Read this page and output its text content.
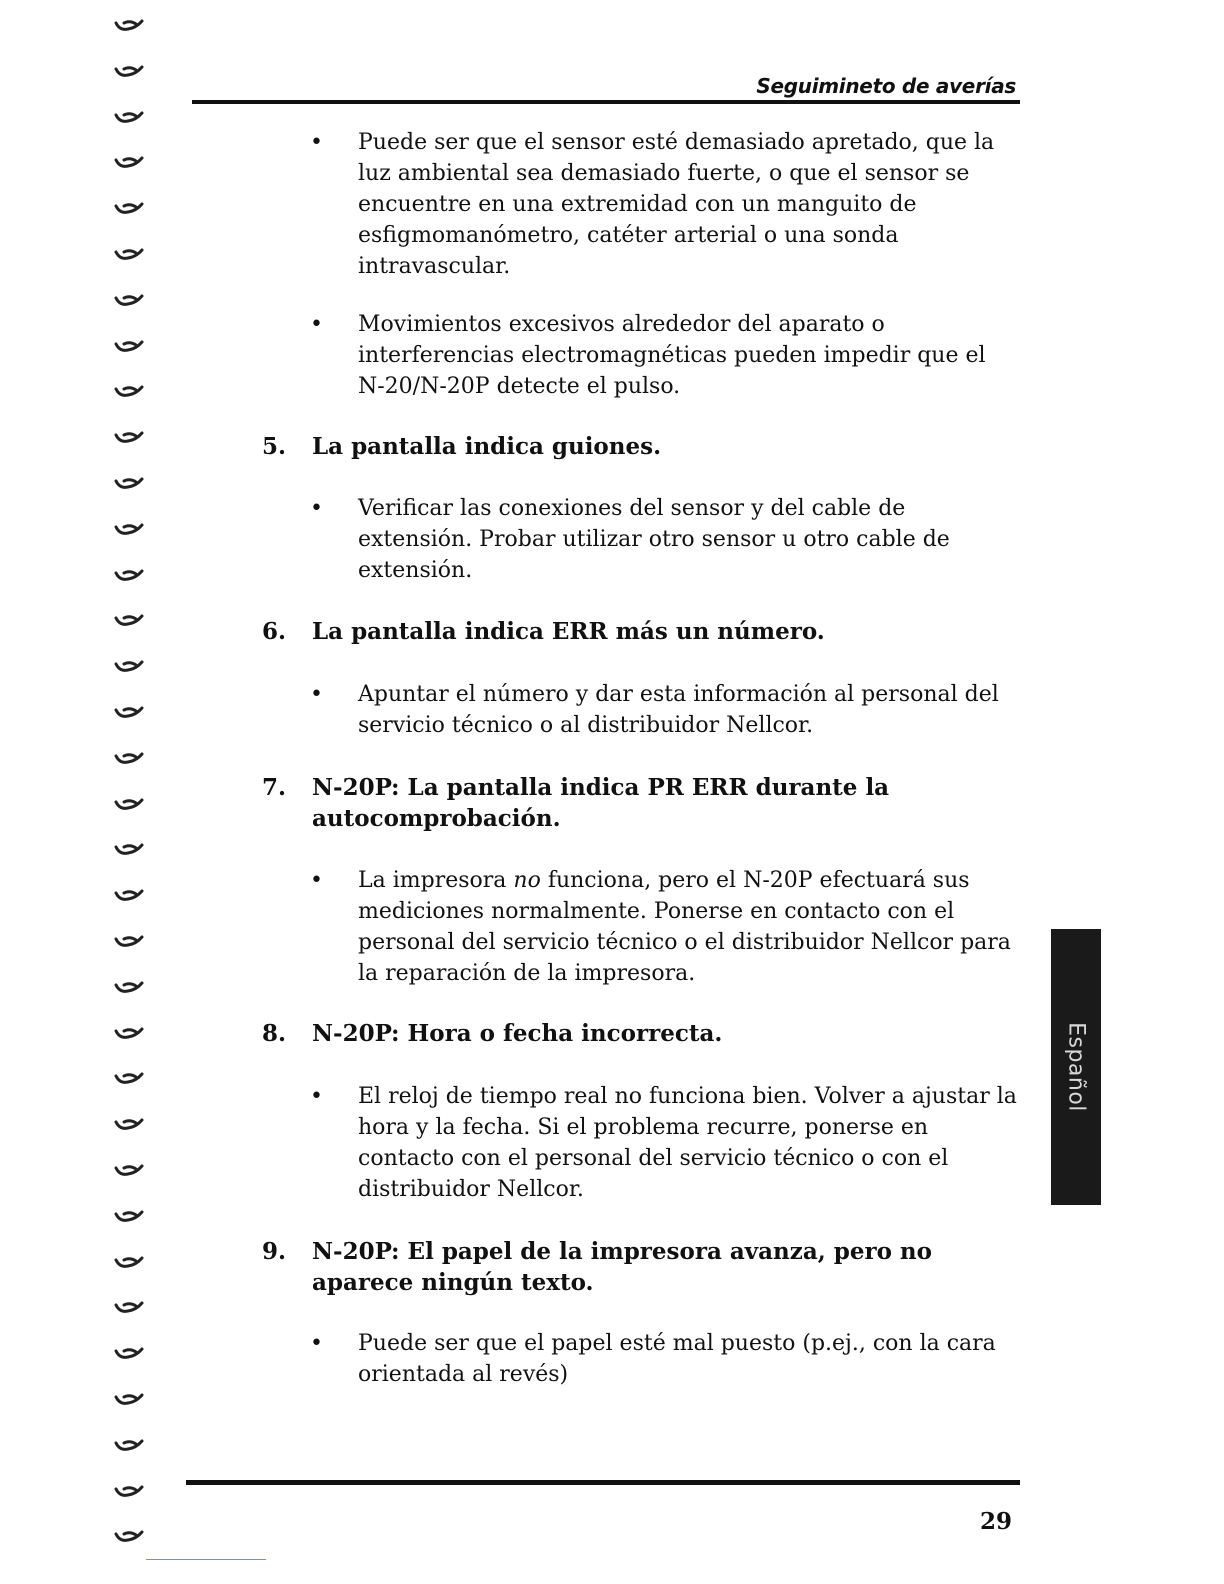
Seguimineto de averías
•	Puede ser que el sensor esté demasiado apretado, que la luz ambiental sea demasiado fuerte, o que el sensor se encuentre en una extremidad con un manguito de esfigmomanómetro, catéter arterial o una sonda intravascular.
•	Movimientos excesivos alrededor del aparato o interferencias electromagnéticas pueden impedir que el N-20/N-20P detecte el pulso.
5. La pantalla indica guiones.
•	Verificar las conexiones del sensor y del cable de extensión. Probar utilizar otro sensor u otro cable de extensión.
6. La pantalla indica ERR más un número.
•	Apuntar el número y dar esta información al personal del servicio técnico o al distribuidor Nellcor.
7. N-20P: La pantalla indica PR ERR durante la autocomprobación.
•	La impresora no funciona, pero el N-20P efectuará sus mediciones normalmente. Ponerse en contacto con el personal del servicio técnico o el distribuidor Nellcor para la reparación de la impresora.
8. N-20P: Hora o fecha incorrecta.
•	El reloj de tiempo real no funciona bien. Volver a ajustar la hora y la fecha. Si el problema recurre, ponerse en contacto con el personal del servicio técnico o con el distribuidor Nellcor.
9. N-20P: El papel de la impresora avanza, pero no aparece ningún texto.
•	Puede ser que el papel esté mal puesto (p.ej., con la cara orientada al revés)
Español
29
